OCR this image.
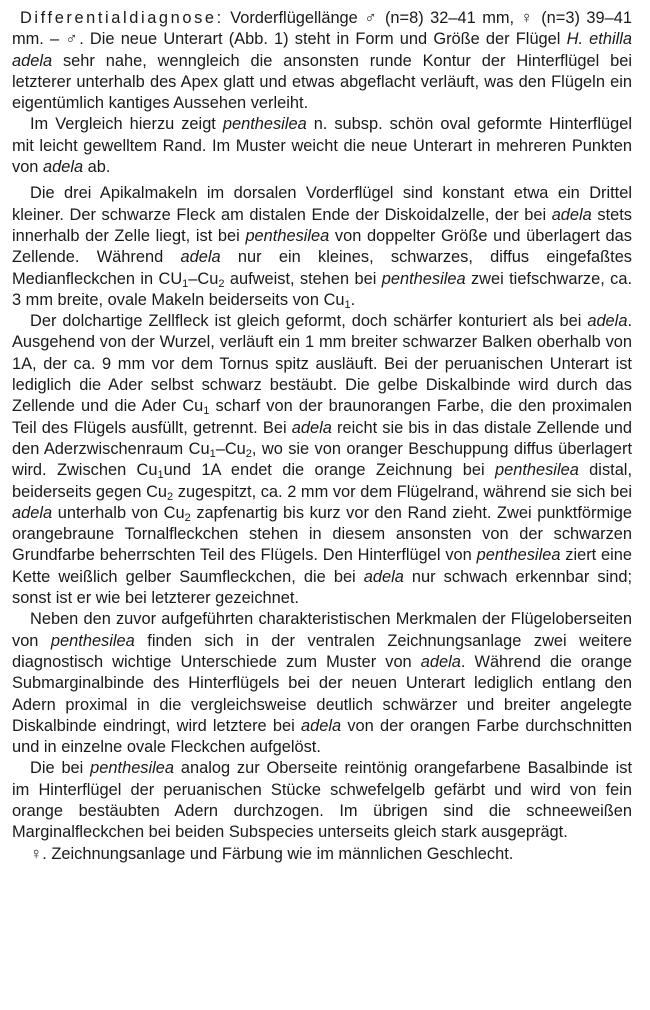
Differentialdiagnose: Vorderflügellänge ♂ (n=8) 32–41 mm, ♀ (n=3) 39–41 mm. – ♂. Die neue Unterart (Abb. 1) steht in Form und Größe der Flügel H. ethilla adela sehr nahe, wenngleich die ansonsten runde Kontur der Hinterflügel bei letzterer unterhalb des Apex glatt und etwas abgeflacht verläuft, was den Flügeln ein eigentümlich kantiges Aussehen verleiht.

Im Vergleich hierzu zeigt penthesilea n. subsp. schön oval geformte Hinterflügel mit leicht gewelltem Rand. Im Muster weicht die neue Unterart in mehreren Punkten von adela ab.

Die drei Apikalmakeln im dorsalen Vorderflügel sind konstant etwa ein Drittel kleiner. Der schwarze Fleck am distalen Ende der Diskoidalzelle, der bei adela stets innerhalb der Zelle liegt, ist bei penthesilea von doppelter Größe und überlagert das Zellende. Während adela nur ein kleines, schwarzes, diffus eingefaßtes Medianfleckchen in $CU_1-Cu_2$ aufweist, stehen bei penthesilea zwei tiefschwarze, ca. 3 mm breite, ovale Makeln beiderseits von $Cu_1$.

Der dolchartige Zellfleck ist gleich geformt, doch schärfer konturiert als bei adela. Ausgehend von der Wurzel, verläuft ein 1 mm breiter schwarzer Balken oberhalb von 1A, der ca. 9 mm vor dem Tornus spitz ausläuft. Bei der peruanischen Unterart ist lediglich die Ader selbst schwarz bestäubt. Die gelbe Diskalbinde wird durch das Zellende und die Ader $Cu_1$ scharf von der braunorangen Farbe, die den proximalen Teil des Flügels ausfüllt, getrennt. Bei adela reicht sie bis in das distale Zellende und den Aderzwischenraum $Cu_1-Cu_2$, wo sie von oranger Beschuppung diffus überlagert wird. Zwischen $Cu_1und$ 1A endet die orange Zeichnung bei penthesilea distal, beiderseits gegen $Cu_2$ zugespitzt, ca. 2 mm vor dem Flügelrand, während sie sich bei adela unterhalb von $Cu_2$ zapfenartig bis kurz vor den Rand zieht. Zwei punktförmige orangebraune Tornalfleckchen stehen in diesem ansonsten von der schwarzen Grundfarbe beherrschten Teil des Flügels. Den Hinterflügel von penthesilea ziert eine Kette weißlich gelber Saumfleckchen, die bei adela nur schwach erkennbar sind; sonst ist er wie bei letzterer gezeichnet.

Neben den zuvor aufgeführten charakteristischen Merkmalen der Flügeloberseiten von penthesilea finden sich in der ventralen Zeichnungsanlage zwei weitere diagnostisch wichtige Unterschiede zum Muster von adela. Während die orange Submarginalbinde des Hinterflügels bei der neuen Unterart lediglich entlang den Adern proximal in die vergleichsweise deutlich schwärzer und breiter angelegte Diskalbinde eindringt, wird letztere bei adela von der orangen Farbe durchschnitten und in einzelne ovale Fleckchen aufgelöst.

Die bei penthesilea analog zur Oberseite reintönig orangefarbene Basalbinde ist im Hinterflügel der peruanischen Stücke schwefelgelb gefärbt und wird von fein orange bestäubten Adern durchzogen. Im übrigen sind die schneeweißen Marginalfleckchen bei beiden Subspecies unterseits gleich stark ausgeprägt.

♀. Zeichnungsanlage und Färbung wie im männlichen Geschlecht.
